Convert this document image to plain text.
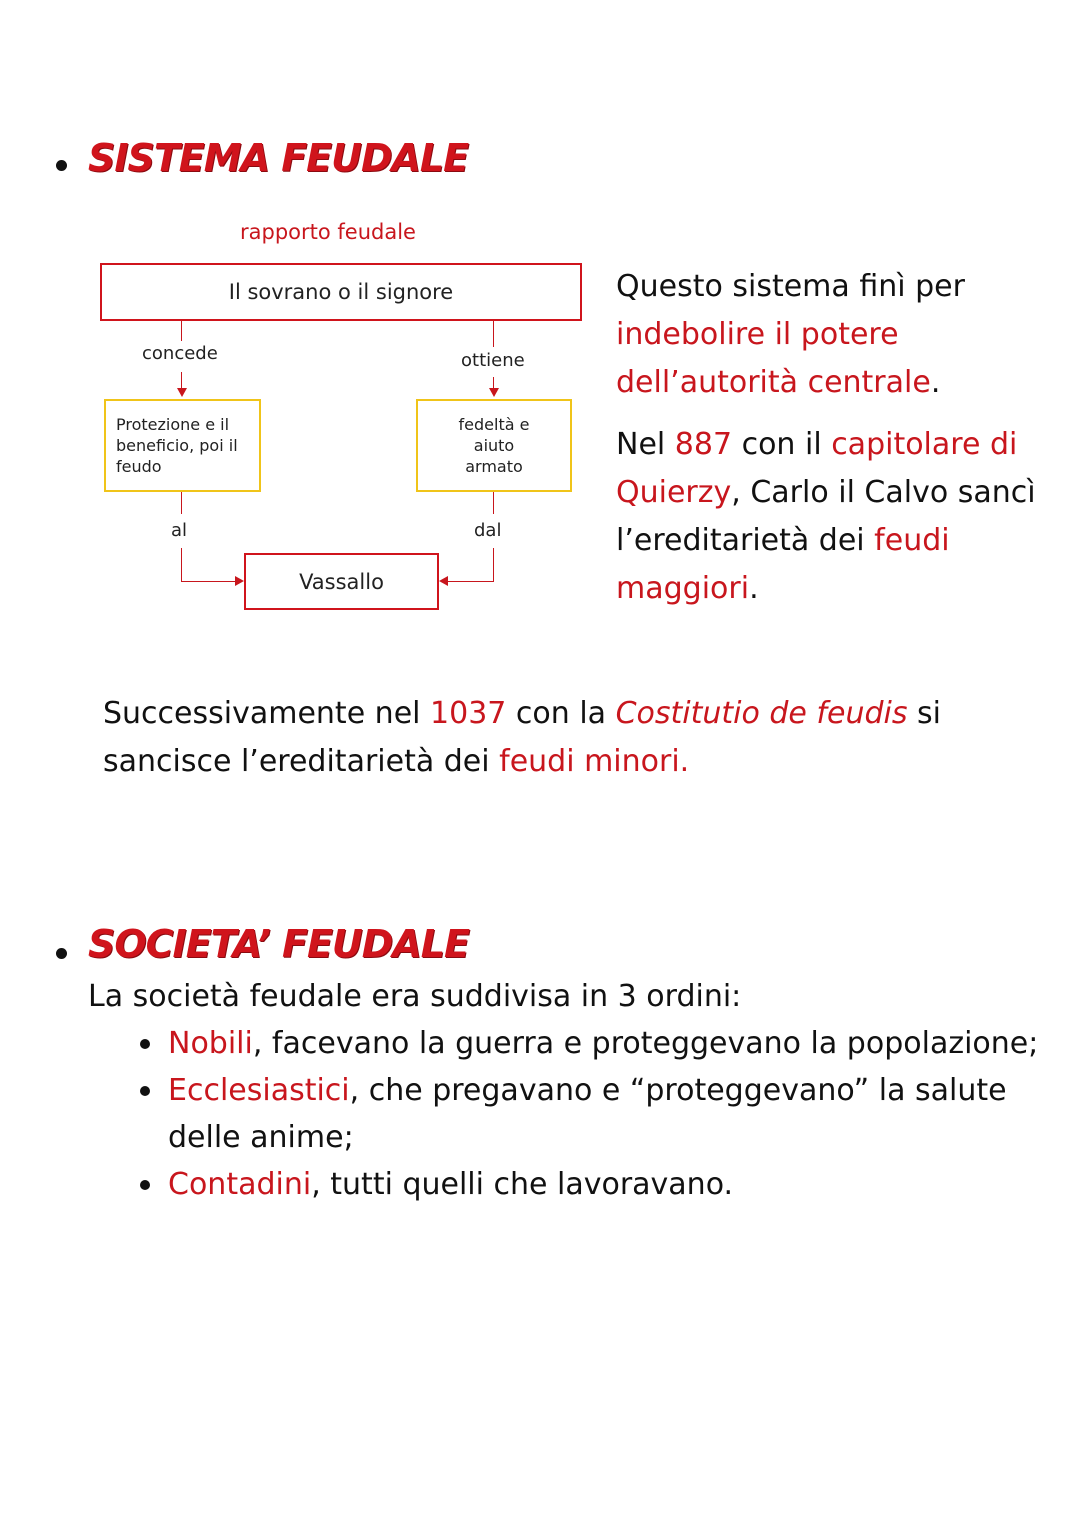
SISTEMA FEUDALE
rapporto feudale
Il sovrano o il signore
concede	ottiene
Protezione e il beneficio, poi il feudo
fedeltà e aiuto armato
al	dal
Vassallo
Questo sistema finì per indebolire il potere dell’autorità centrale.
Nel 887 con il capitolare di Quierzy, Carlo il Calvo sancì l’ereditarietà dei feudi maggiori.
Successivamente nel 1037 con la Costitutio de feudis si sancisce l’ereditarietà dei feudi minori.
SOCIETA’ FEUDALE
La società feudale era suddivisa in 3 ordini:
Nobili, facevano la guerra e proteggevano la popolazione;
Ecclesiastici, che pregavano e “proteggevano” la salute delle anime;
Contadini, tutti quelli che lavoravano.
